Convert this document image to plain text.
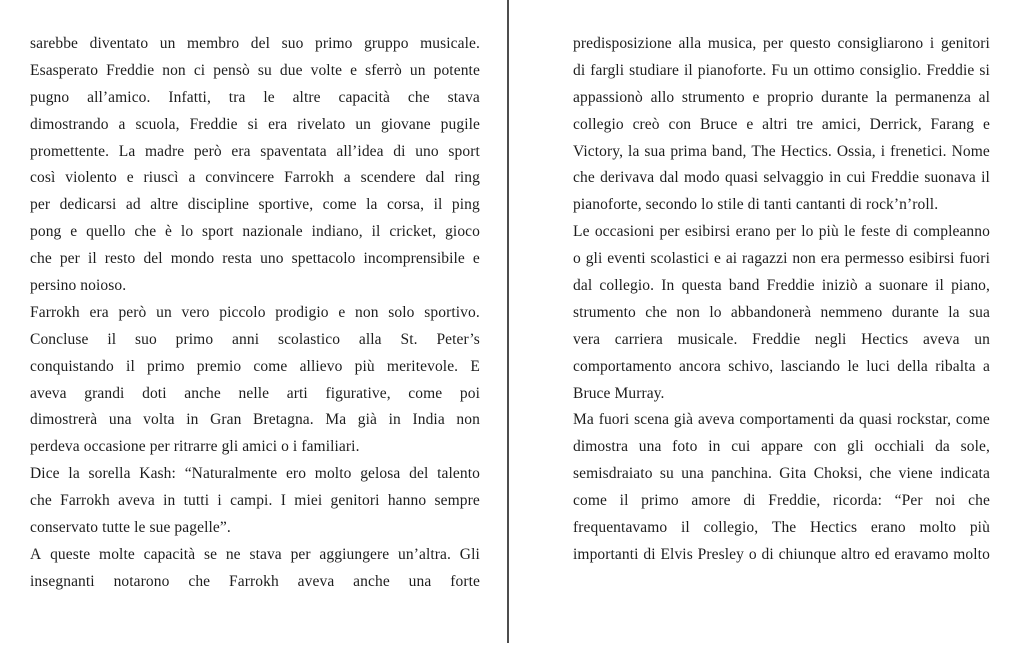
sarebbe diventato un membro del suo primo gruppo musicale.
Esasperato Freddie non ci pensò su due volte e sferrò un potente
pugno all’amico. Infatti, tra le altre capacità che stava
dimostrando a scuola, Freddie si era rivelato un giovane pugile
promettente. La madre però era spaventata all’idea di uno sport
così violento e riuscì a convincere Farrokh a scendere dal ring
per dedicarsi ad altre discipline sportive, come la corsa, il ping
pong e quello che è lo sport nazionale indiano, il cricket, gioco
che per il resto del mondo resta uno spettacolo incomprensibile e
persino noioso.
Farrokh era però un vero piccolo prodigio e non solo sportivo.
Concluse il suo primo anni scolastico alla St. Peter’s
conquistando il primo premio come allievo più meritevole. E
aveva grandi doti anche nelle arti figurative, come poi
dimostrerà una volta in Gran Bretagna. Ma già in India non
perdeva occasione per ritrarre gli amici o i familiari.
Dice la sorella Kash: “Naturalmente ero molto gelosa del talento
che Farrokh aveva in tutti i campi. I miei genitori hanno sempre
conservato tutte le sue pagelle”.
A queste molte capacità se ne stava per aggiungere un’altra. Gli
insegnanti notarono che Farrokh aveva anche una forte
predisposizione alla musica, per questo consigliarono i genitori
di fargli studiare il pianoforte. Fu un ottimo consiglio. Freddie si
appassionò allo strumento e proprio durante la permanenza al
collegio creò con Bruce e altri tre amici, Derrick, Farang e
Victory, la sua prima band, The Hectics. Ossia, i frenetici. Nome
che derivava dal modo quasi selvaggio in cui Freddie suonava il
pianoforte, secondo lo stile di tanti cantanti di rock’n’roll.
Le occasioni per esibirsi erano per lo più le feste di compleanno
o gli eventi scolastici e ai ragazzi non era permesso esibirsi fuori
dal collegio. In questa band Freddie iniziò a suonare il piano,
strumento che non lo abbandonerà nemmeno durante la sua
vera carriera musicale. Freddie negli Hectics aveva un
comportamento ancora schivo, lasciando le luci della ribalta a
Bruce Murray.
Ma fuori scena già aveva comportamenti da quasi rockstar, come
dimostra una foto in cui appare con gli occhiali da sole,
semisdraiato su una panchina. Gita Choksi, che viene indicata
come il primo amore di Freddie, ricorda: “Per noi che
frequentavamo il collegio, The Hectics erano molto più
importanti di Elvis Presley o di chiunque altro ed eravamo molto
